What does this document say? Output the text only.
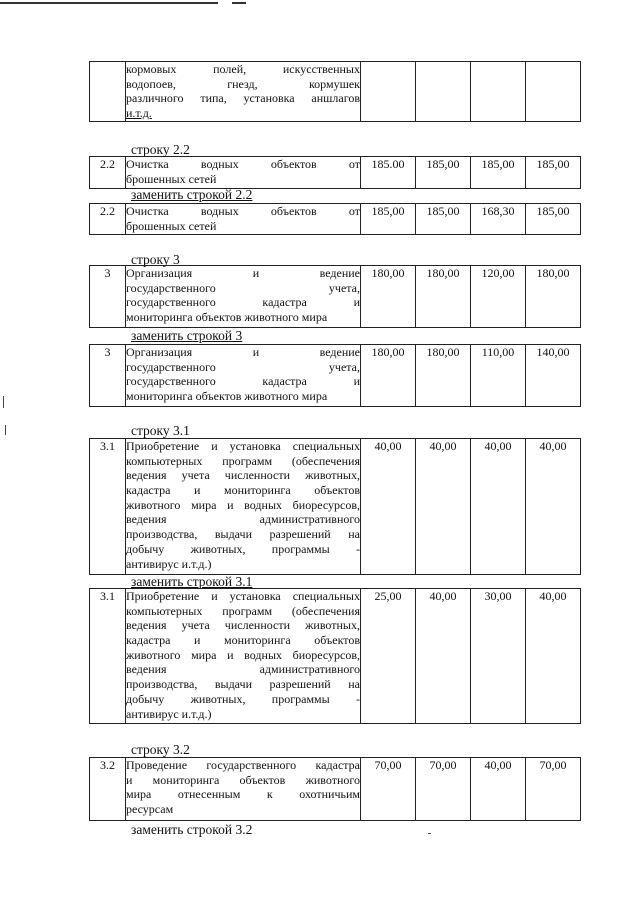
кормовых полей, искусственных
водопоев, гнезд, кормушек
различного типа, установка аншлагов
и.т.д.

строку 2.2
2.2	Очистка водных объектов от
брошенных сетей
	185.00	185,00	185,00	185,00
заменить строкой 2.2
2.2	Очистка водных объектов от
брошенных сетей
	185,00	185,00	168,30	185,00
строку 3
3	Организация и ведение
государственного учета,
государственного кадастра и
мониторинга объектов животного мира
	180,00	180,00	120,00	180,00
заменить строкой 3
3	Организация и ведение
государственного учета,
государственного кадастра и
мониторинга объектов животного мира
	180,00	180,00	110,00	140,00
строку 3.1
3.1	Приобретение и установка специальных
компьютерных программ (обеспечения
ведения учета численности животных,
кадастра и мониторинга объектов
животного мира и водных биоресурсов,
ведения административного
производства, выдачи разрешений на
добычу животных, программы -
антивирус и.т.д.)
	40,00	40,00	40,00	40,00
заменить строкой 3.1
3.1	Приобретение и установка специальных
компьютерных программ (обеспечения
ведения учета численности животных,
кадастра и мониторинга объектов
животного мира и водных биоресурсов,
ведения административного
производства, выдачи разрешений на
добычу животных, программы -
антивирус и.т.д.)
	25,00	40,00	30,00	40,00
строку 3.2
3.2	Проведение государственного кадастра
и мониторинга объектов животного
мира отнесенным к охотничьим
ресурсам
	70,00	70,00	40,00	70,00
заменить строкой 3.2
